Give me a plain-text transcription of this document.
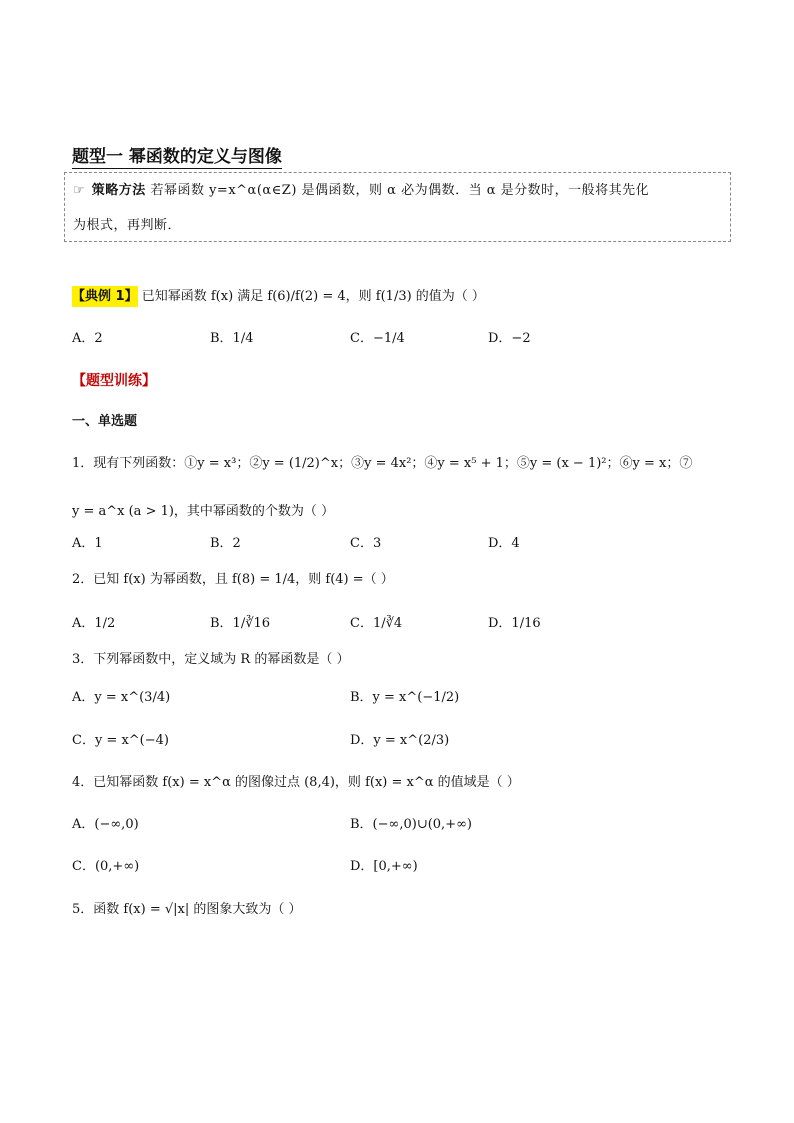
题型一 幂函数的定义与图像
☞ 策略方法 若幂函数 y=x^α(α∈Z) 是偶函数，则 α 必为偶数．当 α 是分数时，一般将其先化
为根式，再判断．
【典例 1】 已知幂函数 f(x) 满足 f(6)/f(2) = 4，则 f(1/3) 的值为（ ）
A．2	B．1/4	C．−1/4	D．−2
【题型训练】
一、单选题
1．现有下列函数：①y = x³；②y = (1/2)^x；③y = 4x²；④y = x⁵ + 1；⑤y = (x − 1)²；⑥y = x；⑦
y = a^x (a > 1)，其中幂函数的个数为（ ）
A．1	B．2	C．3	D．4
2．已知 f(x) 为幂函数，且 f(8) = 1/4，则 f(4) =（ ）
A．1/2	B．1/∛16	C．1/∛4	D．1/16
3．下列幂函数中，定义域为 R 的幂函数是（ ）
A．y = x^(3/4)	B．y = x^(−1/2)
C．y = x^(−4)	D．y = x^(2/3)
4．已知幂函数 f(x) = x^α 的图像过点 (8,4)，则 f(x) = x^α 的值域是（ ）
A．(−∞,0)	B．(−∞,0)∪(0,+∞)
C．(0,+∞)	D．[0,+∞)
5．函数 f(x) = √|x| 的图象大致为（ ）
